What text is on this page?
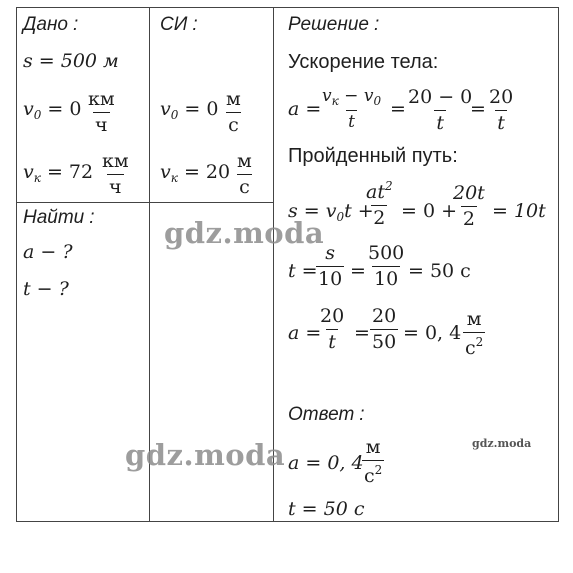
Дано :
s = 500 м
$v_0 = 0$ км
ч
$v_к = 72$ км
ч
Найти :
a − ?
t − ?
СИ :
$v_0 = 0$ м
с
$v_к = 20$ м
с
Решение :
Ускорение тела:
a =
$v_к - v_0$
t
= $\frac{20 - 0}{t}$
= $\frac{20}{t}$
Пройденный путь:
$s = v_0t$ +
$\frac{at^2}{2} = 0$ +
$\frac{20t}{2} = 10t$
t =
$\frac{s}{10} = \frac{500}{10} = 50$ с
a =
$\frac{20}{t} = \frac{20}{50} = 0$, 4
м
$с^2$
Ответ :
a = 0, 4
м
$с^2$
t = 50 с
gdz.moda
gdz.moda	gdz.moda
